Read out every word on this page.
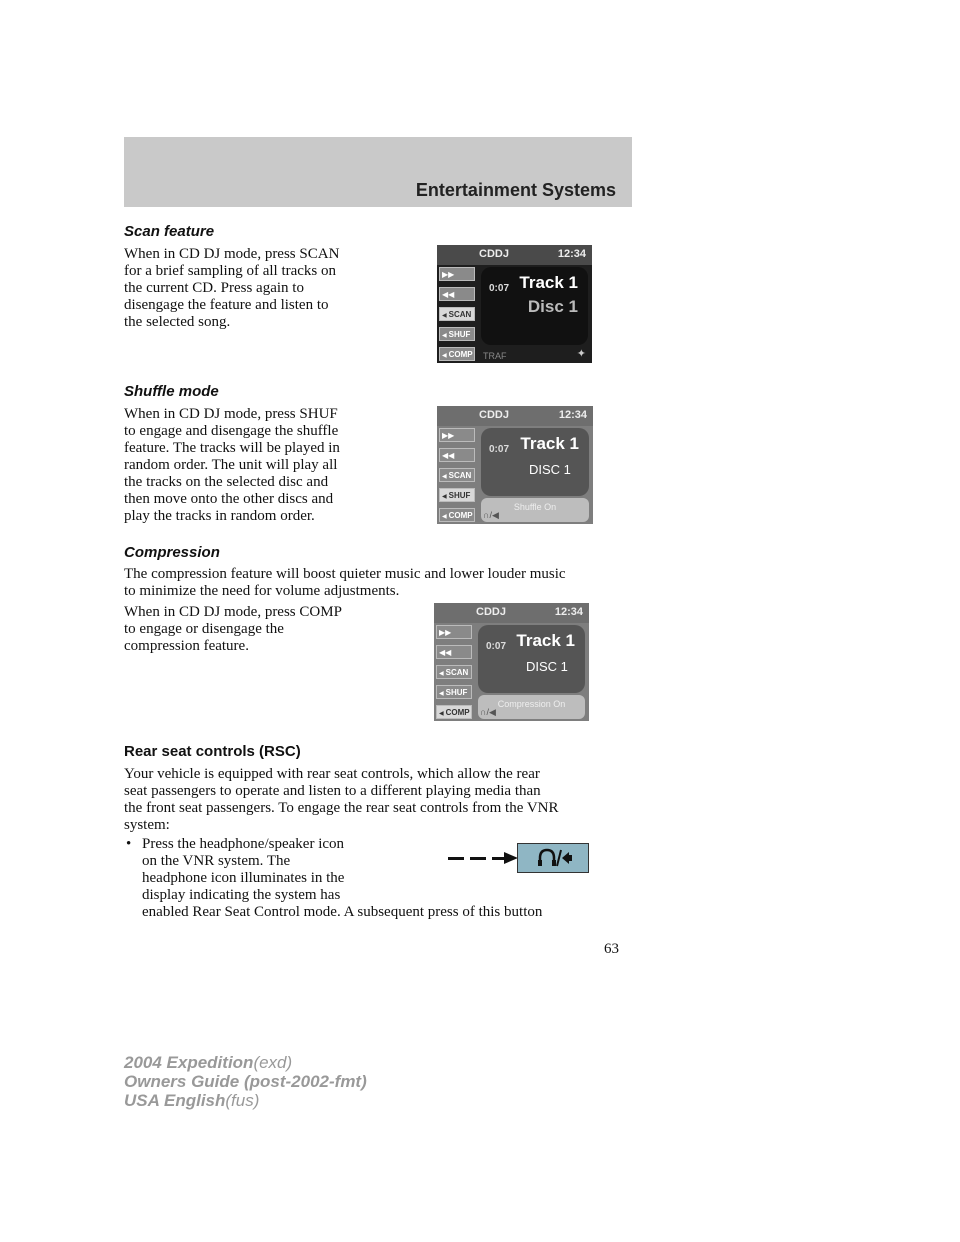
Entertainment Systems
Scan feature
When in CD DJ mode, press SCAN
for a brief sampling of all tracks on
the current CD. Press again to
disengage the feature and listen to
the selected song.
CDDJ	12:34
▶▶
◀◀
◀ SCAN
◀ SHUF
◀ COMP
0:07 Track 1
Disc 1
TRAF	✦
Shuffle mode
When in CD DJ mode, press SHUF
to engage and disengage the shuffle
feature. The tracks will be played in
random order. The unit will play all
the tracks on the selected disc and
then move onto the other discs and
play the tracks in random order.
CDDJ	12:34
▶▶
◀◀
◀ SCAN
◀ SHUF
◀ COMP
0:07 Track 1
DISC 1
Shuffle On
∩/◀
Compression
The compression feature will boost quieter music and lower louder music
to minimize the need for volume adjustments.
When in CD DJ mode, press COMP
to engage or disengage the
compression feature.
CDDJ	12:34
▶▶
◀◀
◀ SCAN
◀ SHUF
◀ COMP
0:07 Track 1
DISC 1
Compression On
∩/◀
Rear seat controls (RSC)
Your vehicle is equipped with rear seat controls, which allow the rear
seat passengers to operate and listen to a different playing media than
the front seat passengers. To engage the rear seat controls from the VNR
system:
• Press the headphone/speaker icon
on the VNR system. The
headphone icon illuminates in the
display indicating the system has
enabled Rear Seat Control mode. A subsequent press of this button
63
2004 Expedition(exd)
Owners Guide (post-2002-fmt)
USA English(fus)
